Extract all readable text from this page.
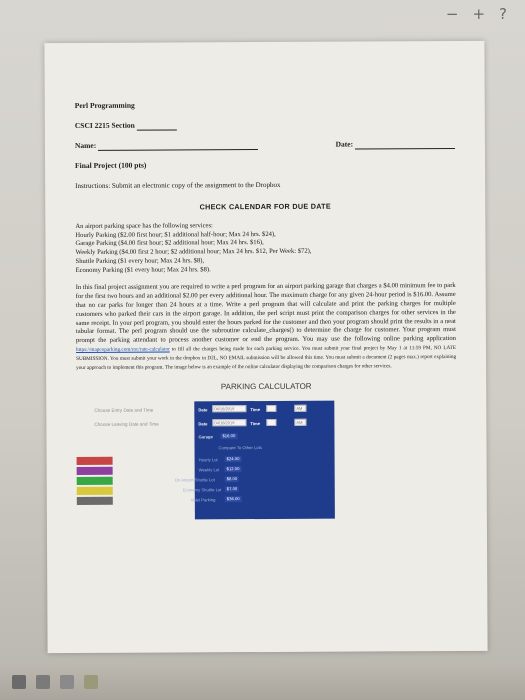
− + ?
Perl Programming
CSCI 2215 Section
Name:	Date:
Final Project (100 pts)
Instructions: Submit an electronic copy of the assignment to the Dropbox
CHECK CALENDAR FOR DUE DATE

An airport parking space has the following services:

Hourly Parking ($2.00 first hour; $1 additional half-hour; Max 24 hrs. $24),

Garage Parking ($4.00 first hour; $2 additional hour; Max 24 hrs. $16),

Weekly Parking ($4.00 first 2 hour; $2 additional hour; Max 24 hrs. $12, Per Week: $72),

Shuttle Parking ($1 every hour; Max 24 hrs. $8),

Economy Parking ($1 every hour; Max 24 hrs. $8).

In this final project assignment you are required to write a perl program for an airport parking garage that charges a $4.00 minimum fee to park for the first two hours and an additional $2.00 per every additional hour. The maximum charge for any given 24-hour period is $16.00. Assume that no car parks for longer than 24 hours at a time. Write a perl program that will calculate and print the parking charges for multiple customers who parked their cars in the airport garage. In addition, the perl script must print the comparison charges for other services in the same receipt. In your perl program, you should enter the hours parked for the customer and then your program should print the results in a neat tabular format. The perl program should use the subroutine calculate_charges() to determine the charge for customer. Your program must prompt the parking attendant to process another customer or end the program. You may use the following online parking application https://mapcoparking.com/roc/rate-calculator to fill all the charges being made for each parking service. You must submit your final project by May 1 at 11:59 PM, NO LATE SUBMISSION. You must submit your work in the dropbox in D2L, NO EMAIL submission will be allowed this time. You must submit a document (2 pages max.) report explaining your approach to implement this program. The image below is an example of the online calculator displaying the comparison charges for other services.
PARKING CALCULATOR
Choose Entry Date and Time
Choose Leaving Date and Time
Date	04/16/2019	Time	AM
Date	04/16/2019	Time	AM
Garage	$16.00
Compare To Other Lots
Hourly Lot	$24.00
Weekly Lot	$12.00
On Airport Shuttle Lot	$8.00
Economy Shuttle Lot	$7.00
Valet Parking	$36.00
